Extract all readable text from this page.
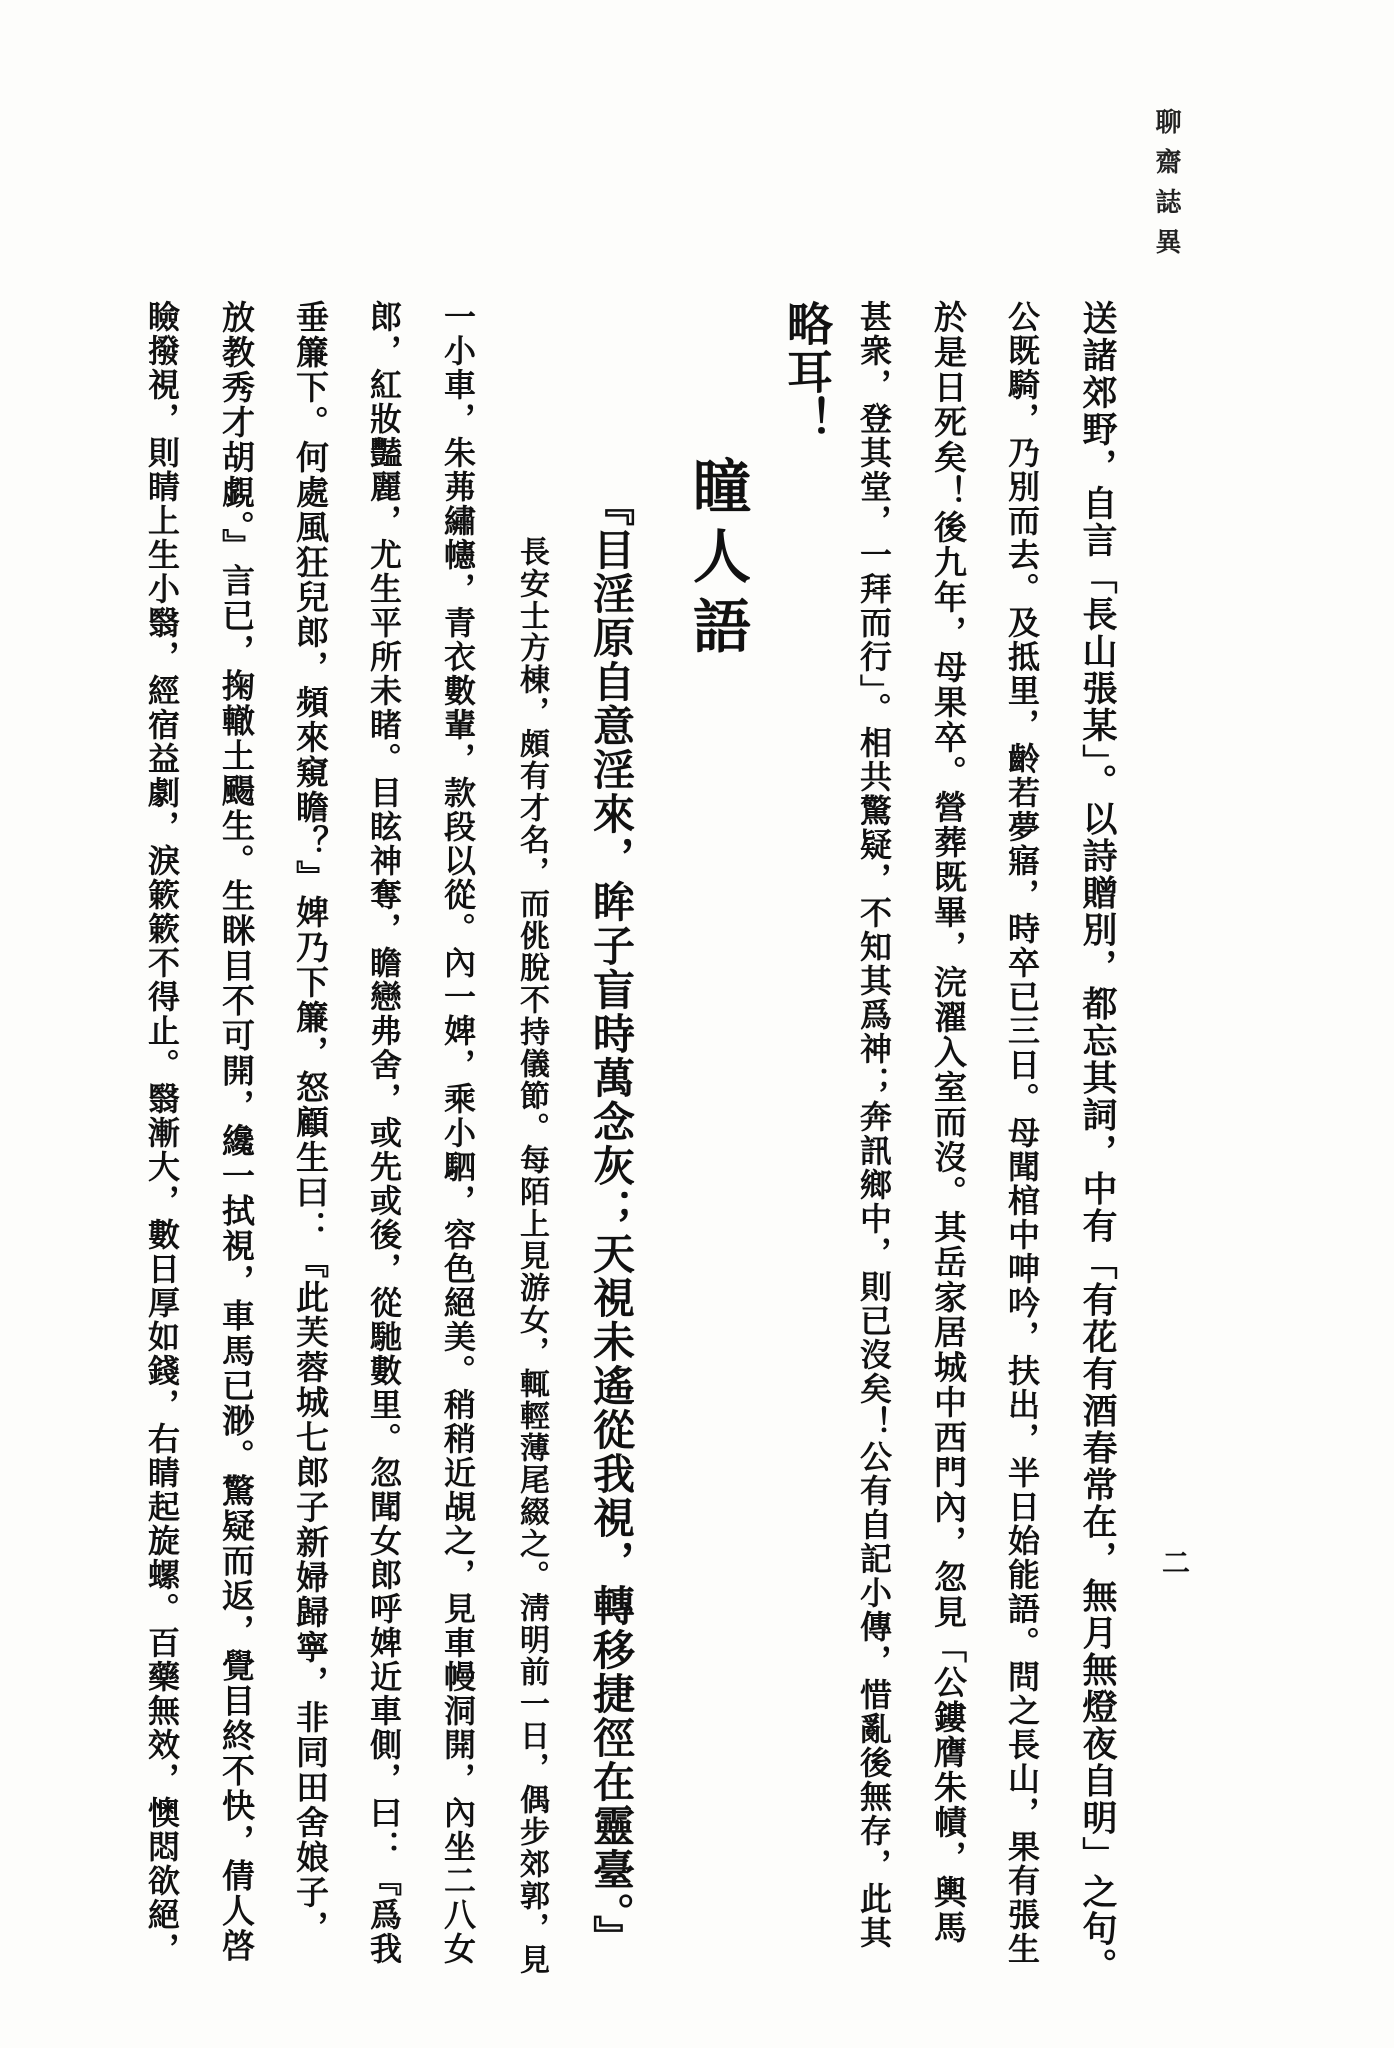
聊齋誌異
二
送諸郊野，自言「長山張某」。以詩贈別，都忘其詞，中有「有花有酒春常在，無月無燈夜自明」之句。
公既騎，乃別而去。及抵里，齡若夢寤，時卒已三日。母聞棺中呻吟，扶出，半日始能語。問之長山，果有張生
於是日死矣！後九年，母果卒。營葬既畢，浣濯入室而沒。其岳家居城中西門內，忽見「公鏤膺朱幘，輿馬
甚衆，登其堂，一拜而行」。相共驚疑，不知其爲神；奔訊鄉中，則已沒矣！公有自記小傳，惜亂後無存，此其
略耳！
瞳人語
『目淫原自意淫來，眸子盲時萬念灰；天視未遙從我視，轉移捷徑在靈臺。』
長安士方棟，頗有才名，而佻脫不持儀節。每陌上見游女，輒輕薄尾綴之。淸明前一日，偶步郊郭，見
一小車，朱茀繡幰，青衣數輩，款段以從。內一婢，乘小駟，容色絕美。稍稍近覘之，見車幔洞開，內坐二八女
郎，紅妝豔麗，尤生平所未睹。目眩神奪，瞻戀弗舍，或先或後，從馳數里。忽聞女郎呼婢近車側，曰：『爲我
垂簾下。何處風狂兒郎，頻來窺瞻？』婢乃下簾，怒顧生曰：『此芙蓉城七郎子新婦歸寧，非同田舍娘子，
放教秀才胡覷。』言已，掬轍土颺生。生眯目不可開，纔一拭視，車馬已渺。驚疑而返，覺目終不快，倩人啓
瞼撥視，則睛上生小翳，經宿益劇，淚簌簌不得止。翳漸大，數日厚如錢，右睛起旋螺。百藥無效，懊悶欲絕，
